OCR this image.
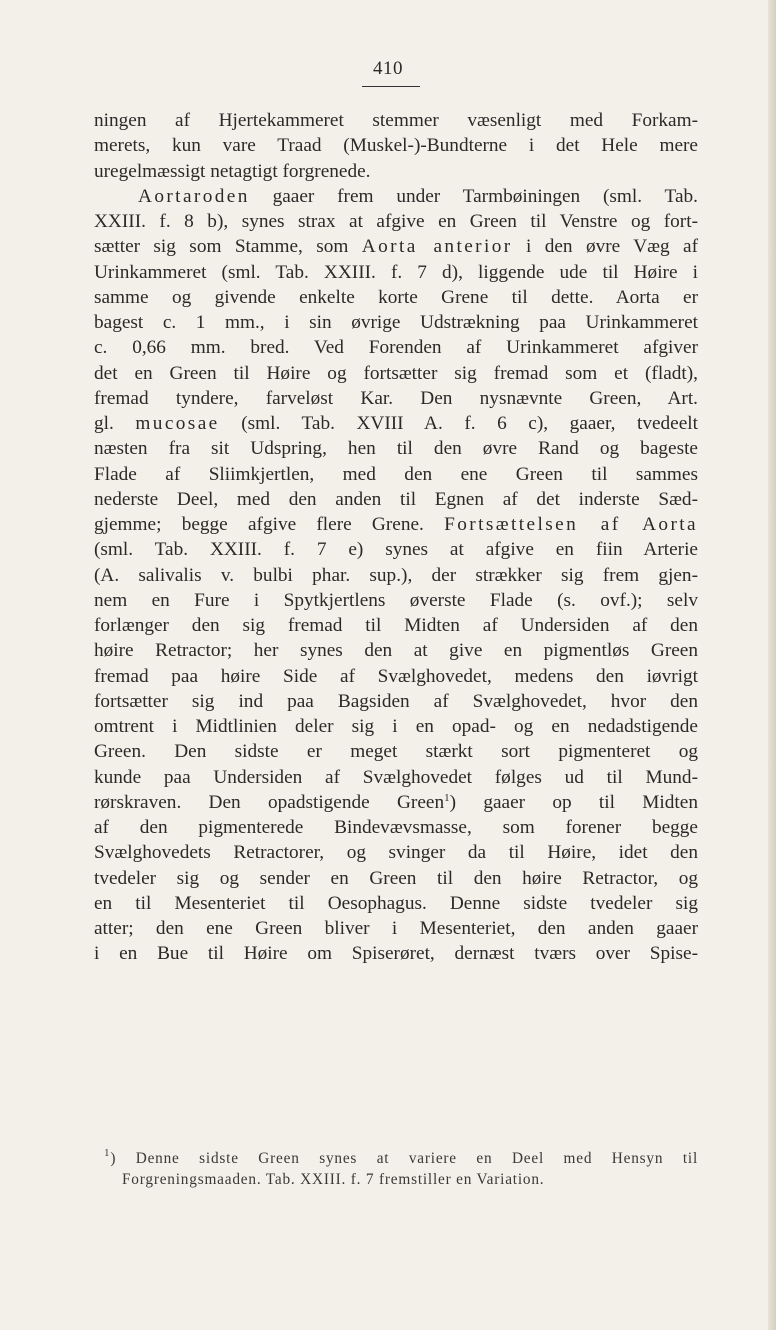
410
ningen af Hjertekammeret stemmer væsenligt med Forkam-
merets, kun vare Traad (Muskel-)-Bundterne i det Hele mere
uregelmæssigt netagtigt forgrenede.
Aortaroden gaaer frem under Tarmbøiningen (sml. Tab.
XXIII. f. 8 b), synes strax at afgive en Green til Venstre og fort-
sætter sig som Stamme, som Aorta anterior i den øvre Væg af
Urinkammeret (sml. Tab. XXIII. f. 7 d), liggende ude til Høire i
samme og givende enkelte korte Grene til dette. Aorta er
bagest c. 1 mm., i sin øvrige Udstrækning paa Urinkammeret
c. 0,66 mm. bred. Ved Forenden af Urinkammeret afgiver
det en Green til Høire og fortsætter sig fremad som et (fladt),
fremad tyndere, farveløst Kar. Den nysnævnte Green, Art.
gl. mucosae (sml. Tab. XVIII A. f. 6 c), gaaer, tvedeelt
næsten fra sit Udspring, hen til den øvre Rand og bageste
Flade af Sliimkjertlen, med den ene Green til sammes
nederste Deel, med den anden til Egnen af det inderste Sæd-
gjemme; begge afgive flere Grene. Fortsættelsen af Aorta
(sml. Tab. XXIII. f. 7 e) synes at afgive en fiin Arterie
(A. salivalis v. bulbi phar. sup.), der strækker sig frem gjen-
nem en Fure i Spytkjertlens øverste Flade (s. ovf.); selv
forlænger den sig fremad til Midten af Undersiden af den
høire Retractor; her synes den at give en pigmentløs Green
fremad paa høire Side af Svælghovedet, medens den iøvrigt
fortsætter sig ind paa Bagsiden af Svælghovedet, hvor den
omtrent i Midtlinien deler sig i en opad- og en nedadstigende
Green. Den sidste er meget stærkt sort pigmenteret og
kunde paa Undersiden af Svælghovedet følges ud til Mund-
rørskraven. Den opadstigende Green$^1$) gaaer op til Midten
af den pigmenterede Bindevævsmasse, som forener begge
Svælghovedets Retractorer, og svinger da til Høire, idet den
tvedeler sig og sender en Green til den høire Retractor, og
en til Mesenteriet til Oesophagus. Denne sidste tvedeler sig
atter; den ene Green bliver i Mesenteriet, den anden gaaer
i en Bue til Høire om Spiserøret, dernæst tværs over Spise-
$^1$) Denne sidste Green synes at variere en Deel med Hensyn til
Forgreningsmaaden. Tab. XXIII. f. 7 fremstiller en Variation.
